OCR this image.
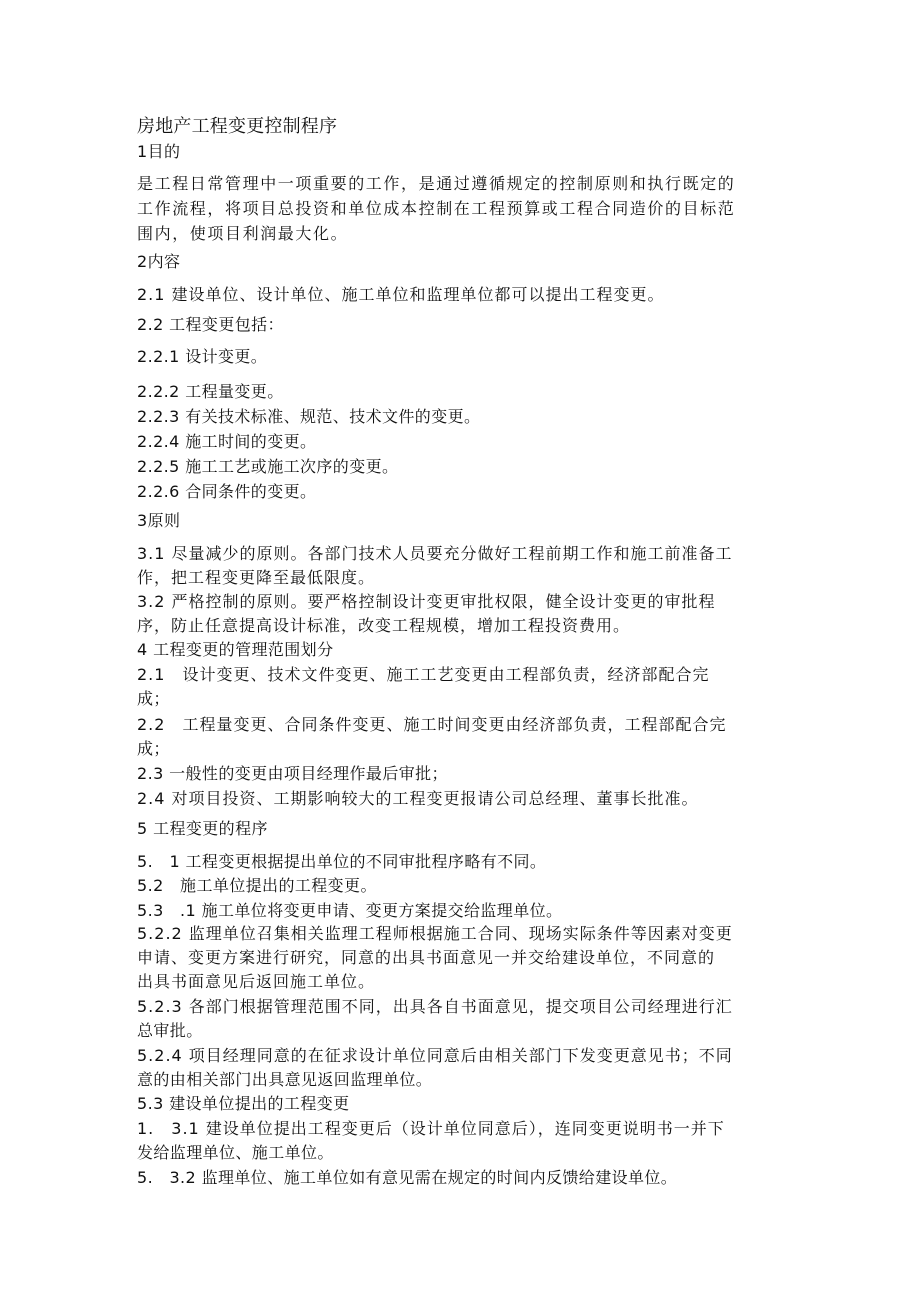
房地产工程变更控制程序
1目的
是工程日常管理中一项重要的工作，是通过遵循规定的控制原则和执行既定的
工作流程，将项目总投资和单位成本控制在工程预算或工程合同造价的目标范
围内，使项目利润最大化。
2内容
2.1 建设单位、设计单位、施工单位和监理单位都可以提出工程变更。
2.2 工程变更包括：
2.2.1 设计变更。
2.2.2 工程量变更。
2.2.3 有关技术标准、规范、技术文件的变更。
2.2.4 施工时间的变更。
2.2.5 施工工艺或施工次序的变更。
2.2.6 合同条件的变更。
3原则
3.1 尽量减少的原则。各部门技术人员要充分做好工程前期工作和施工前准备工
作，把工程变更降至最低限度。
3.2 严格控制的原则。要严格控制设计变更审批权限，健全设计变更的审批程
序，防止任意提高设计标准，改变工程规模，增加工程投资费用。
4 工程变更的管理范围划分
2.1　设计变更、技术文件变更、施工工艺变更由工程部负责，经济部配合完
成；
2.2　工程量变更、合同条件变更、施工时间变更由经济部负责，工程部配合完
成；
2.3 一般性的变更由项目经理作最后审批；
2.4 对项目投资、工期影响较大的工程变更报请公司总经理、董事长批准。
5 工程变更的程序
5.　1 工程变更根据提出单位的不同审批程序略有不同。
5.2　施工单位提出的工程变更。
5.3　.1 施工单位将变更申请、变更方案提交给监理单位。
5.2.2 监理单位召集相关监理工程师根据施工合同、现场实际条件等因素对变更
申请、变更方案进行研究，同意的出具书面意见一并交给建设单位，不同意的
出具书面意见后返回施工单位。
5.2.3 各部门根据管理范围不同，出具各自书面意见，提交项目公司经理进行汇
总审批。
5.2.4 项目经理同意的在征求设计单位同意后由相关部门下发变更意见书；不同
意的由相关部门出具意见返回监理单位。
5.3 建设单位提出的工程变更
1.　3.1 建设单位提出工程变更后（设计单位同意后），连同变更说明书一并下
发给监理单位、施工单位。
5.　3.2 监理单位、施工单位如有意见需在规定的时间内反馈给建设单位。
